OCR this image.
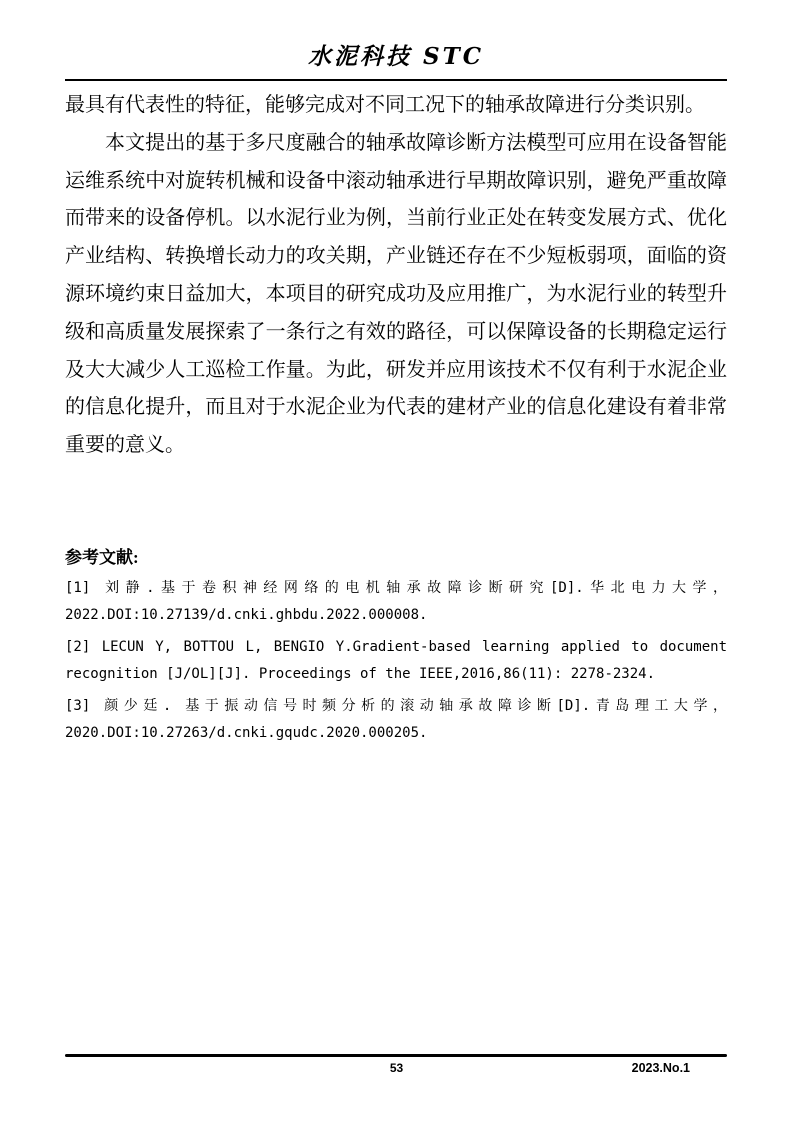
水泥科技 STC

最具有代表性的特征，能够完成对不同工况下的轴承故障进行分类识别。

本文提出的基于多尺度融合的轴承故障诊断方法模型可应用在设备智能运维系统中对旋转机械和设备中滚动轴承进行早期故障识别，避免严重故障而带来的设备停机。以水泥行业为例，当前行业正处在转变发展方式、优化产业结构、转换增长动力的攻关期，产业链还存在不少短板弱项，面临的资源环境约束日益加大，本项目的研究成功及应用推广，为水泥行业的转型升级和高质量发展探索了一条行之有效的路径，可以保障设备的长期稳定运行及大大减少人工巡检工作量。为此，研发并应用该技术不仅有利于水泥企业的信息化提升，而且对于水泥企业为代表的建材产业的信息化建设有着非常重要的意义。

参考文献:

[1] 刘静.基于卷积神经网络的电机轴承故障诊断研究[D].华北电力大学，2022.DOI:10.27139/d.cnki.ghbdu.2022.000008.

[2] LECUN Y, BOTTOU L, BENGIO Y.Gradient-based learning applied to document recognition [J/OL][J]. Proceedings of the IEEE,2016,86(11): 2278-2324.

[3] 颜少廷. 基于振动信号时频分析的滚动轴承故障诊断[D].青岛理工大学，2020.DOI:10.27263/d.cnki.gqudc.2020.000205.

53	2023.No.1
